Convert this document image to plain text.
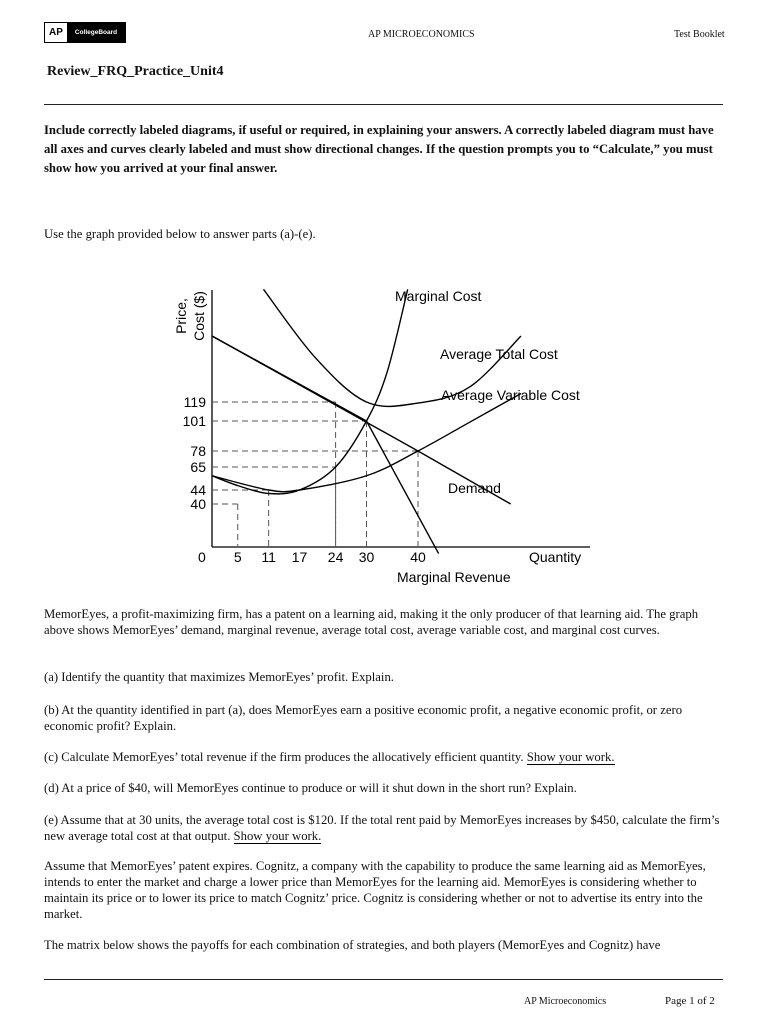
AP	CollegeBoard	AP MICROECONOMICS	Test Booklet
Review_FRQ_Practice_Unit4
Include correctly labeled diagrams, if useful or required, in explaining your answers. A correctly labeled diagram must have all axes and curves clearly labeled and must show directional changes. If the question prompts you to “Calculate,” you must show how you arrived at your final answer.
Use the graph provided below to answer parts (a)-(e).
Price, Cost ($)
Quantity
0
119
101
78
65
44
40
5 11 17 24 30	40
Marginal Cost
Average Total Cost
Average Variable Cost
Demand
Marginal Revenue
MemorEyes, a profit-maximizing firm, has a patent on a learning aid, making it the only producer of that learning aid. The graph above shows MemorEyes’ demand, marginal revenue, average total cost, average variable cost, and marginal cost curves.
(a) Identify the quantity that maximizes MemorEyes’ profit. Explain.
(b) At the quantity identified in part (a), does MemorEyes earn a positive economic profit, a negative economic profit, or zero economic profit? Explain.
(c) Calculate MemorEyes’ total revenue if the firm produces the allocatively efficient quantity. Show your work.
(d) At a price of $40, will MemorEyes continue to produce or will it shut down in the short run? Explain.
(e) Assume that at 30 units, the average total cost is $120. If the total rent paid by MemorEyes increases by $450, calculate the firm’s new average total cost at that output. Show your work.
Assume that MemorEyes’ patent expires. Cognitz, a company with the capability to produce the same learning aid as MemorEyes, intends to enter the market and charge a lower price than MemorEyes for the learning aid. MemorEyes is considering whether to maintain its price or to lower its price to match Cognitz’ price. Cognitz is considering whether or not to advertise its entry into the market.
The matrix below shows the payoffs for each combination of strategies, and both players (MemorEyes and Cognitz) have
AP Microeconomics	Page 1 of 2
